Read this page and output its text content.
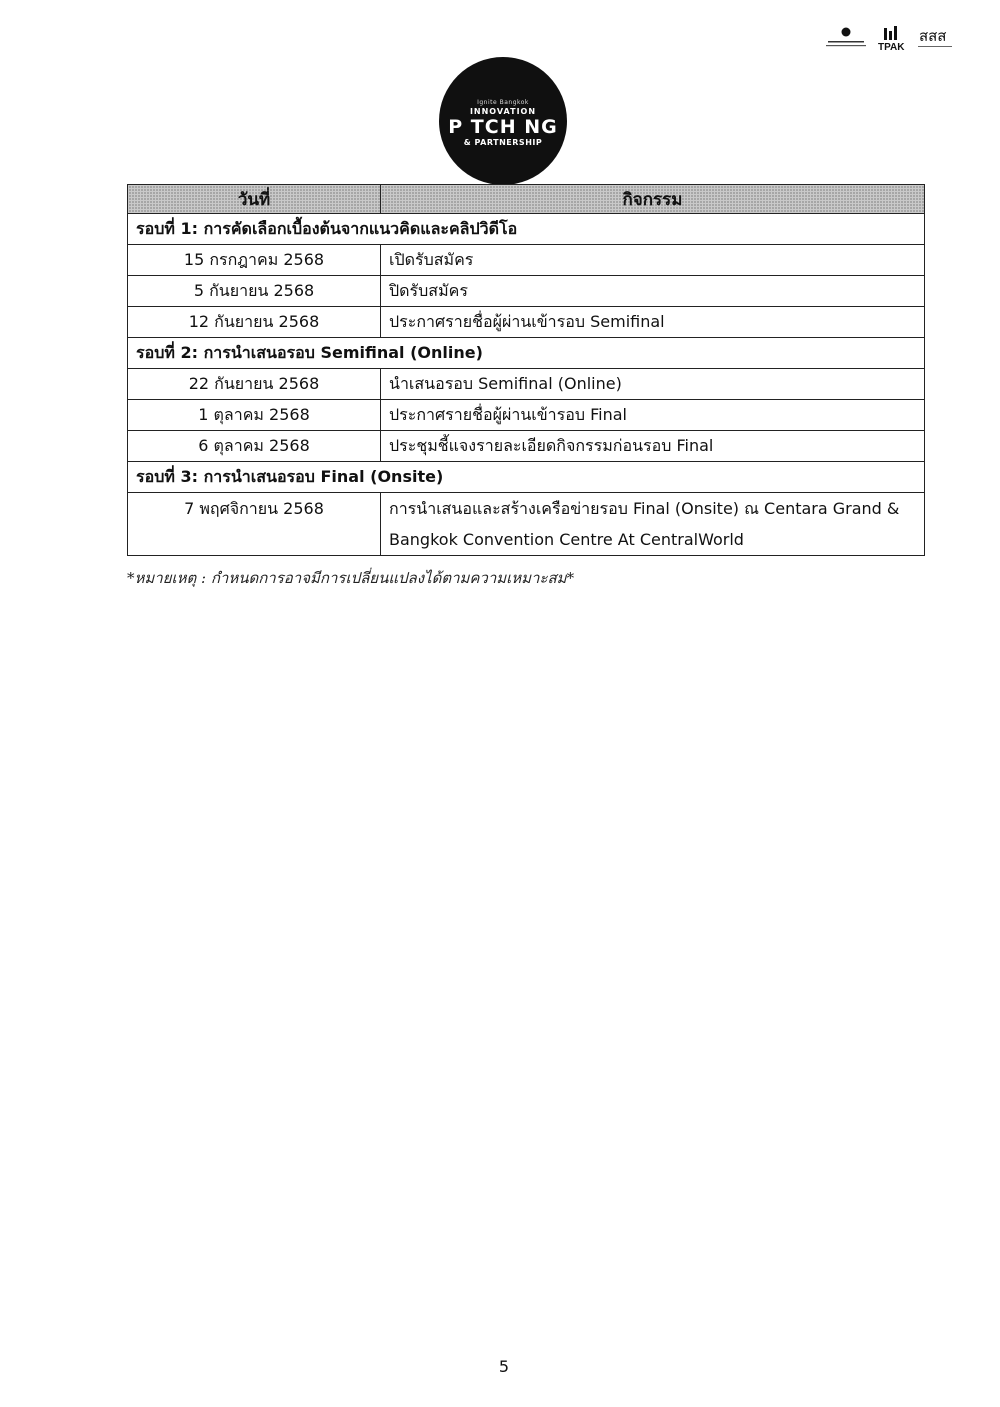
TPAK
สสส
Ignite Bangkok
INNOVATION
P TCH NG
& PARTNERSHIP
วันที่	กิจกรรม
รอบที่ 1: การคัดเลือกเบื้องต้นจากแนวคิดและคลิปวิดีโอ	
15 กรกฎาคม 2568	เปิดรับสมัคร
5 กันยายน 2568	ปิดรับสมัคร
12 กันยายน 2568	ประกาศรายชื่อผู้ผ่านเข้ารอบ Semifinal
รอบที่ 2: การนำเสนอรอบ Semifinal (Online)	
22 กันยายน 2568	นำเสนอรอบ Semifinal (Online)
1 ตุลาคม 2568	ประกาศรายชื่อผู้ผ่านเข้ารอบ Final
6 ตุลาคม 2568	ประชุมชี้แจงรายละเอียดกิจกรรมก่อนรอบ Final
รอบที่ 3: การนำเสนอรอบ Final (Onsite)	
7 พฤศจิกายน 2568	การนำเสนอและสร้างเครือข่ายรอบ Final (Onsite) ณ Centara Grand & Bangkok Convention Centre At CentralWorld
*หมายเหตุ : กำหนดการอาจมีการเปลี่ยนแปลงได้ตามความเหมาะสม*
5
